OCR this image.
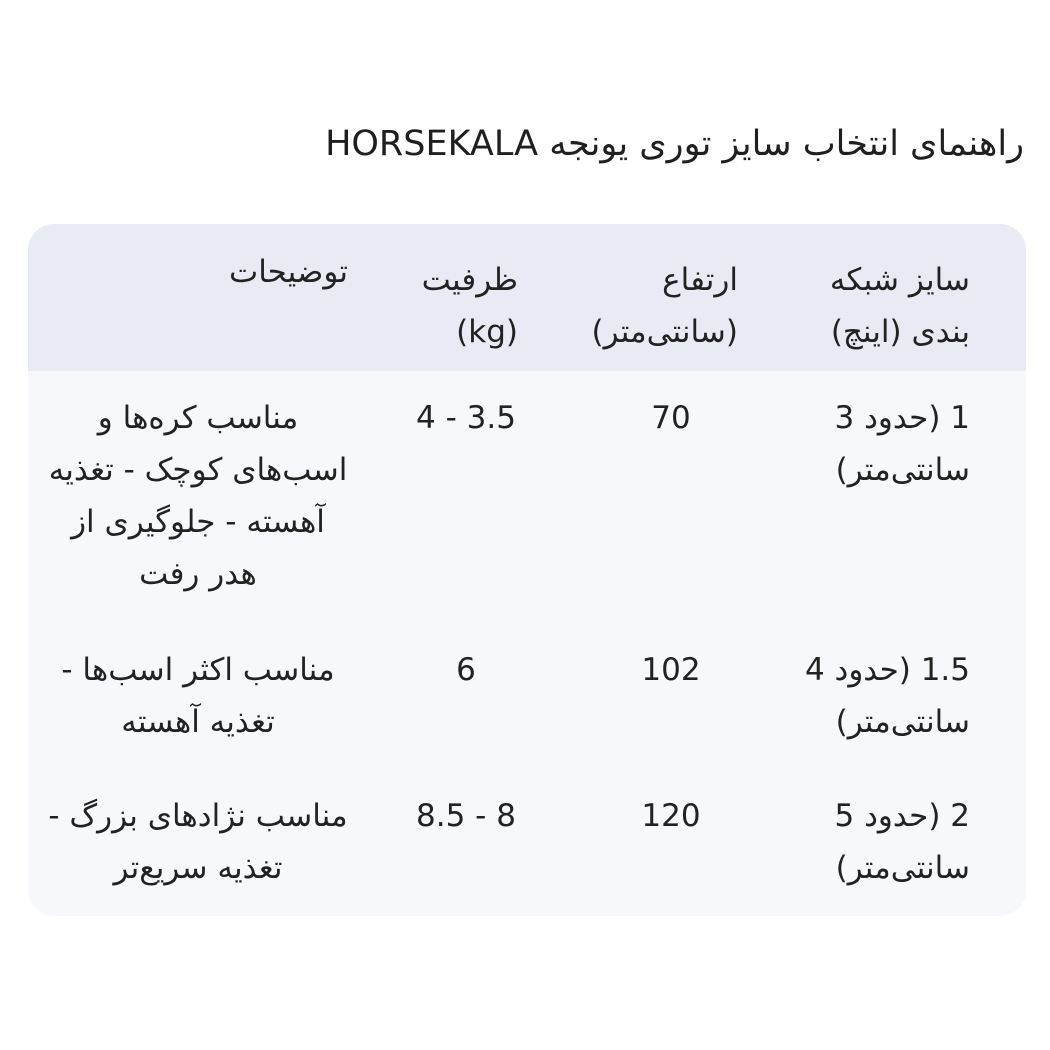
راهنمای انتخاب سایز توری یونجه HORSEKALA
سایز شبکه بندی (اینچ)
ارتفاع (سانتی‌متر)
ظرفیت (kg)
توضیحات
1 (حدود 3 سانتی‌متر)
70
3.5 - 4
مناسب کره‌ها و اسب‌های کوچک - تغذیه آهسته - جلوگیری از هدر رفت
1.5 (حدود 4 سانتی‌متر)
102
6
مناسب اکثر اسب‌ها - تغذیه آهسته
2 (حدود 5 سانتی‌متر)
120
8 - 8.5
مناسب نژادهای بزرگ - تغذیه سریع‌تر
